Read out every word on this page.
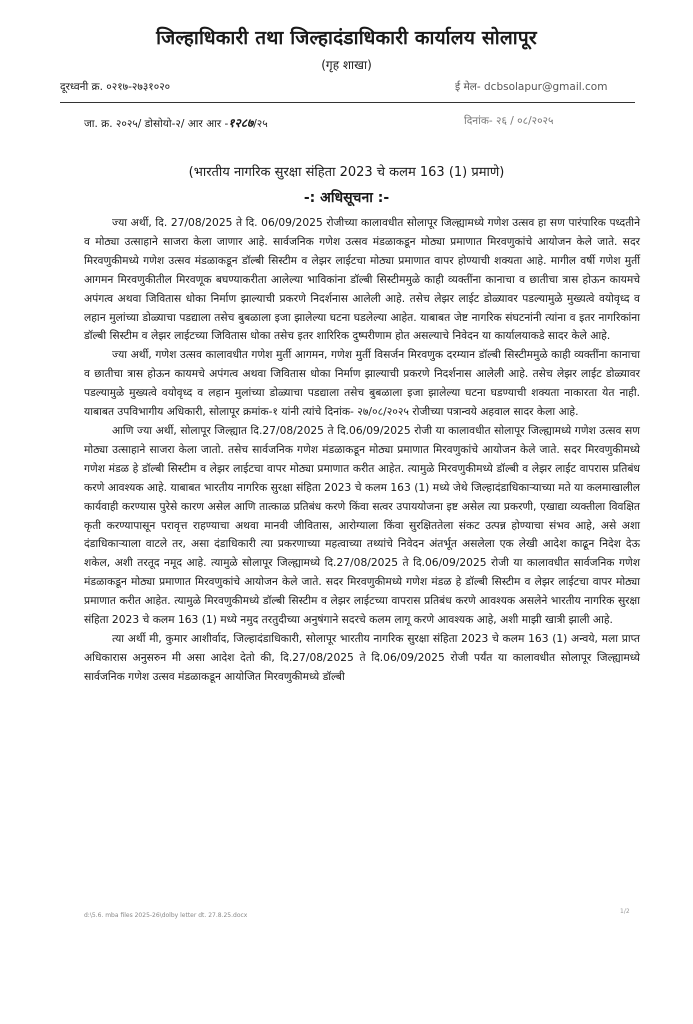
जिल्हाधिकारी तथा जिल्हादंडाधिकारी कार्यालय सोलापूर
(गृह शाखा)
दूरध्वनी क्र. ०२१७-२७३१०२०	ई मेल- dcbsolapur@gmail.com
जा. क्र. २०२५/ डोसोयो-२/ आर आर -१२८७/२५	दिनांक- २६ / ०८/२०२५
(भारतीय नागरिक सुरक्षा संहिता 2023 चे कलम 163 (1) प्रमाणे)
-: अधिसूचना :-

ज्या अर्थी, दि. 27/08/2025 ते दि. 06/09/2025 रोजीच्या कालावधीत सोलापूर जिल्ह्यामध्ये गणेश उत्सव हा सण पारंपारिक पध्दतीने व मोठ्या उत्साहाने साजरा केला जाणार आहे. सार्वजनिक गणेश उत्सव मंडळाकडून मोठ्या प्रमाणात मिरवणुकांचे आयोजन केले जाते. सदर मिरवणुकीमध्ये गणेश उत्सव मंडळाकडून डॉल्बी सिस्टीम व लेझर लाईटचा मोठ्या प्रमाणात वापर होण्याची शक्यता आहे. मागील वर्षी गणेश मुर्ती आगमन मिरवणुकीतील मिरवणूक बघण्याकरीता आलेल्या भाविकांना डॉल्बी सिस्टीममुळे काही व्यक्तींना कानाचा व छातीचा त्रास होऊन कायमचे अपंगत्व अथवा जिवितास धोका निर्माण झाल्याची प्रकरणे निदर्शनास आलेली आहे. तसेच लेझर लाईट डोळ्यावर पडल्यामुळे मुख्यत्वे वयोवृध्द व लहान मुलांच्या डोळ्याचा पडद्याला तसेच बुबळाला इजा झालेल्या घटना घडलेल्या आहेत. याबाबत जेष्ट नागरिक संघटनांनी त्यांना व इतर नागरिकांना डॉल्बी सिस्टीम व लेझर लाईटच्या जिवितास धोका तसेच इतर शारिरिक दुष्परीणाम होत असल्याचे निवेदन या कार्यालयाकडे सादर केले आहे.

ज्या अर्थी, गणेश उत्सव कालावधीत गणेश मुर्ती आगमन, गणेश मुर्ती विसर्जन मिरवणुक दरम्यान डॉल्बी सिस्टीममुळे काही व्यक्तींना कानाचा व छातीचा त्रास होऊन कायमचे अपंगत्व अथवा जिवितास धोका निर्माण झाल्याची प्रकरणे निदर्शनास आलेली आहे. तसेच लेझर लाईट डोळ्यावर पडल्यामुळे मुख्यत्वे वयोवृध्द व लहान मुलांच्या डोळ्याचा पडद्याला तसेच बुबळाला इजा झालेल्या घटना घडण्याची शक्यता नाकारता येत नाही. याबाबत उपविभागीय अधिकारी, सोलापूर क्रमांक-१ यांनी त्यांचे दिनांक- २७/०८/२०२५ रोजीच्या पत्रान्वये अहवाल सादर केला आहे.

आणि ज्या अर्थी, सोलापूर जिल्ह्यात दि.27/08/2025 ते दि.06/09/2025 रोजी या कालावधीत सोलापूर जिल्ह्यामध्ये गणेश उत्सव सण मोठ्या उत्साहाने साजरा केला जातो. तसेच सार्वजनिक गणेश मंडळाकडून मोठ्या प्रमाणात मिरवणुकांचे आयोजन केले जाते. सदर मिरवणुकीमध्ये गणेश मंडळ हे डॉल्बी सिस्टीम व लेझर लाईटचा वापर मोठ्या प्रमाणात करीत आहेत. त्यामुळे मिरवणुकीमध्ये डॉल्बी व लेझर लाईट वापरास प्रतिबंध करणे आवश्यक आहे. याबाबत भारतीय नागरिक सुरक्षा संहिता 2023 चे कलम 163 (1) मध्ये जेथे जिल्हादंडाधिकाऱ्याच्या मते या कलमाखालील कार्यवाही करण्यास पुरेसे कारण असेल आणि तात्काळ प्रतिबंध करणे किंवा सत्वर उपाययोजना इष्ट असेल त्या प्रकरणी, एखाद्या व्यक्तीला विवक्षित कृती करण्यापासून परावृत्त राहण्याचा अथवा मानवी जीवितास, आरोग्याला किंवा सुरक्षिततेला संकट उत्पन्न होण्याचा संभव आहे, असे अशा दंडाधिकाऱ्याला वाटले तर, असा दंडाधिकारी त्या प्रकरणाच्या महत्वाच्या तथ्यांचे निवेदन अंतर्भूत असलेला एक लेखी आदेश काढून निदेश देऊ शकेल, अशी तरतूद नमूद आहे. त्यामुळे सोलापूर जिल्ह्यामध्ये दि.27/08/2025 ते दि.06/09/2025 रोजी या कालावधीत सार्वजनिक गणेश मंडळाकडून मोठ्या प्रमाणात मिरवणुकांचे आयोजन केले जाते. सदर मिरवणुकीमध्ये गणेश मंडळ हे डॉल्बी सिस्टीम व लेझर लाईटचा वापर मोठ्या प्रमाणात करीत आहेत. त्यामुळे मिरवणुकीमध्ये डॉल्बी सिस्टीम व लेझर लाईटच्या वापरास प्रतिबंध करणे आवश्यक असलेने भारतीय नागरिक सुरक्षा संहिता 2023 चे कलम 163 (1) मध्ये नमुद तरतुदीच्या अनुषंगाने सदरचे कलम लागू करणे आवश्यक आहे, अशी माझी खात्री झाली आहे.

त्या अर्थी मी, कुमार आशीर्वाद, जिल्हादंडाधिकारी, सोलापूर भारतीय नागरिक सुरक्षा संहिता 2023 चे कलम 163 (1) अन्वये, मला प्राप्त अधिकारास अनुसरुन मी असा आदेश देतो की, दि.27/08/2025 ते दि.06/09/2025 रोजी पर्यंत या कालावधीत सोलापूर जिल्ह्यामध्ये सार्वजनिक गणेश उत्सव मंडळाकडून आयोजित मिरवणुकीमध्ये डॉल्बी

d:\5.6. mba files 2025-26\dolby letter dt. 27.8.25.docx
1/2
